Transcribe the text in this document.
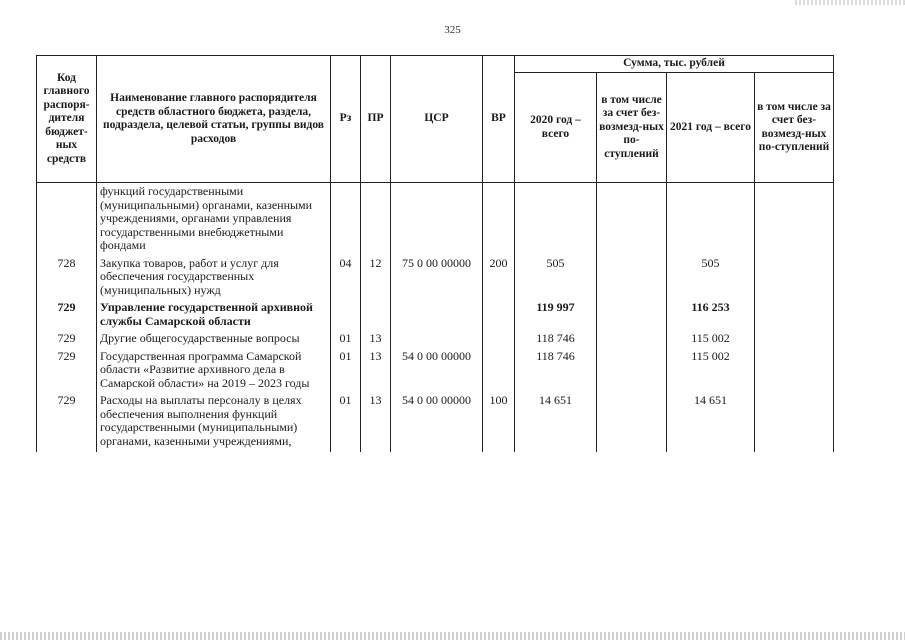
325
Код главного распоря-дителя бюджет-ных средств	Наименование главного распорядителя средств областного бюджета, раздела, подраздела, целевой статьи, группы видов расходов	Рз	ПР	ЦСР	ВР	Сумма, тыс. рублей			
						2020 год – всего	в том числе за счет без-возмезд-ных по-ступлений	2021 год – всего	в том числе за счет без-возмезд-ных по-ступлений
	функций государственными (муниципальными) органами, казенными учреждениями, органами управления государственными внебюджетными фондами								
728	Закупка товаров, работ и услуг для обеспечения государственных (муниципальных) нужд	04	12	75 0 00 00000	200	505		505	
729	Управление государственной архивной службы Самарской области					119 997		116 253	
729	Другие общегосударственные вопросы	01	13			118 746		115 002	
729	Государственная программа Самарской области «Развитие архивного дела в Самарской области» на 2019 – 2023 годы	01	13	54 0 00 00000		118 746		115 002	
729	Расходы на выплаты персоналу в целях обеспечения выполнения функций государственными (муниципальными) органами, казенными учреждениями,	01	13	54 0 00 00000	100	14 651		14 651	
